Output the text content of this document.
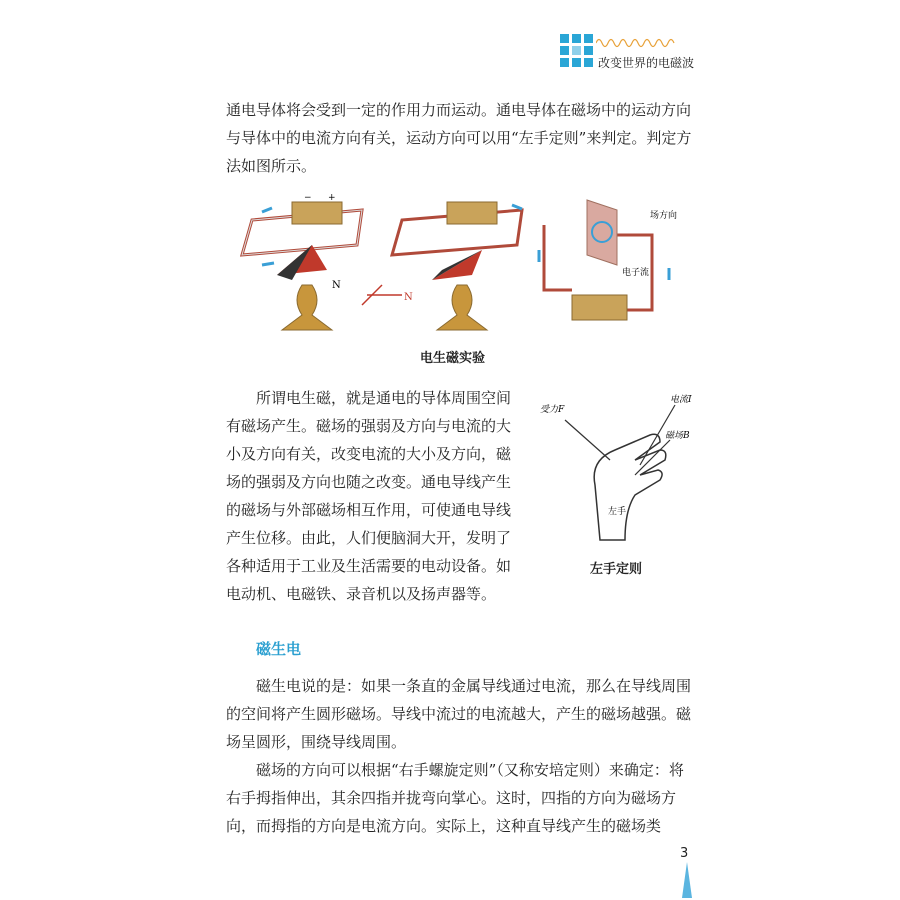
改变世界的电磁波

通电导体将会受到一定的作用力而运动。通电导体在磁场中的运动方向与导体中的电流方向有关，运动方向可以用“左手定则”来判定。判定方法如图所示。

− +
N
N
场方向
电子流
电生磁实验

所谓电生磁，就是通电的导体周围空间有磁场产生。磁场的强弱及方向与电流的大小及方向有关，改变电流的大小及方向，磁场的强弱及方向也随之改变。通电导线产生的磁场与外部磁场相互作用，可使通电导线产生位移。由此，人们便脑洞大开，发明了各种适用于工业及生活需要的电动设备。如电动机、电磁铁、录音机以及扬声器等。

受力F
电流I
磁场B
左手
左手定则
磁生电

磁生电说的是：如果一条直的金属导线通过电流，那么在导线周围的空间将产生圆形磁场。导线中流过的电流越大，产生的磁场越强。磁场呈圆形，围绕导线周围。

磁场的方向可以根据“右手螺旋定则”（又称安培定则）来确定：将右手拇指伸出，其余四指并拢弯向掌心。这时，四指的方向为磁场方向，而拇指的方向是电流方向。实际上，这种直导线产生的磁场类

3
